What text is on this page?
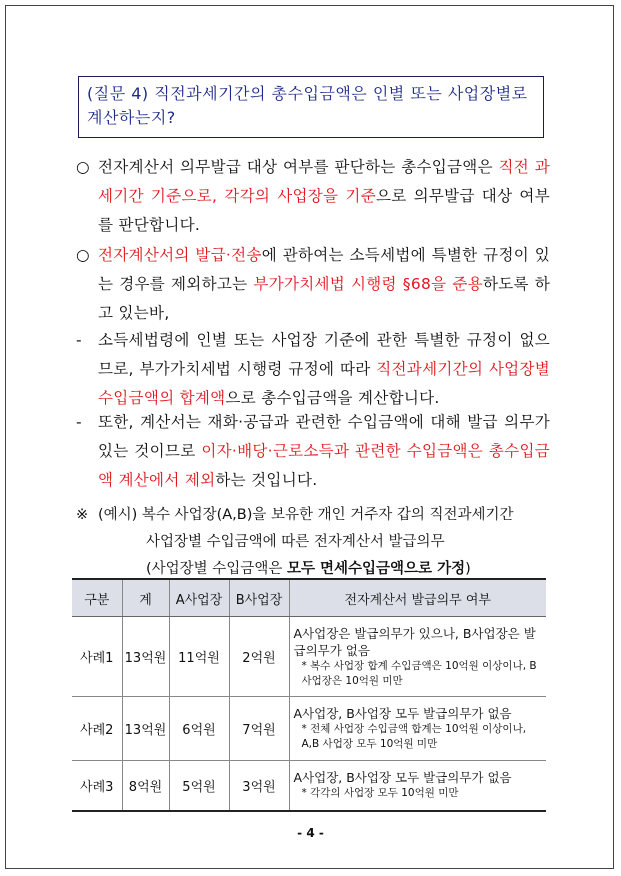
(질문 4) 직전과세기간의 총수입금액은 인별 또는 사업장별로
계산하는지?
○ 전자계산서 의무발급 대상 여부를 판단하는 총수입금액은 직전 과세기간 기준으로, 각각의 사업장을 기준으로 의무발급 대상 여부를 판단합니다.
○ 전자계산서의 발급·전송에 관하여는 소득세법에 특별한 규정이 있는 경우를 제외하고는 부가가치세법 시행령 §68을 준용하도록 하고 있는바,
-	소득세법령에 인별 또는 사업장 기준에 관한 특별한 규정이 없으므로, 부가가치세법 시행령 규정에 따라 직전과세기간의 사업장별 수입금액의 합계액으로 총수입금액을 계산합니다.
-	또한, 계산서는 재화·공급과 관련한 수입금액에 대해 발급 의무가 있는 것이므로 이자·배당·근로소득과 관련한 수입금액은 총수입금액 계산에서 제외하는 것입니다.
※ (예시) 복수 사업장(A,B)을 보유한 개인 거주자 갑의 직전과세기간
사업장별 수입금액에 따른 전자계산서 발급의무
(사업장별 수입금액은 모두 면세수입금액으로 가정)
구분	계	A사업장	B사업장	전자계산서 발급의무 여부
사례1	13억원	11억원	2억원	A사업장은 발급의무가 있으나, B사업장은 발급의무가 없음
* 복수 사업장 합계 수입금액은 10억원 이상이나, B사업장은 10억원 미만

사례2	13억원	6억원	7억원	A사업장, B사업장 모두 발급의무가 없음
* 전체 사업장 수입금액 합계는 10억원 이상이나, A,B 사업장 모두 10억원 미만

사례3	8억원	5억원	3억원	A사업장, B사업장 모두 발급의무가 없음
* 각각의 사업장 모두 10억원 미만
- 4 -
